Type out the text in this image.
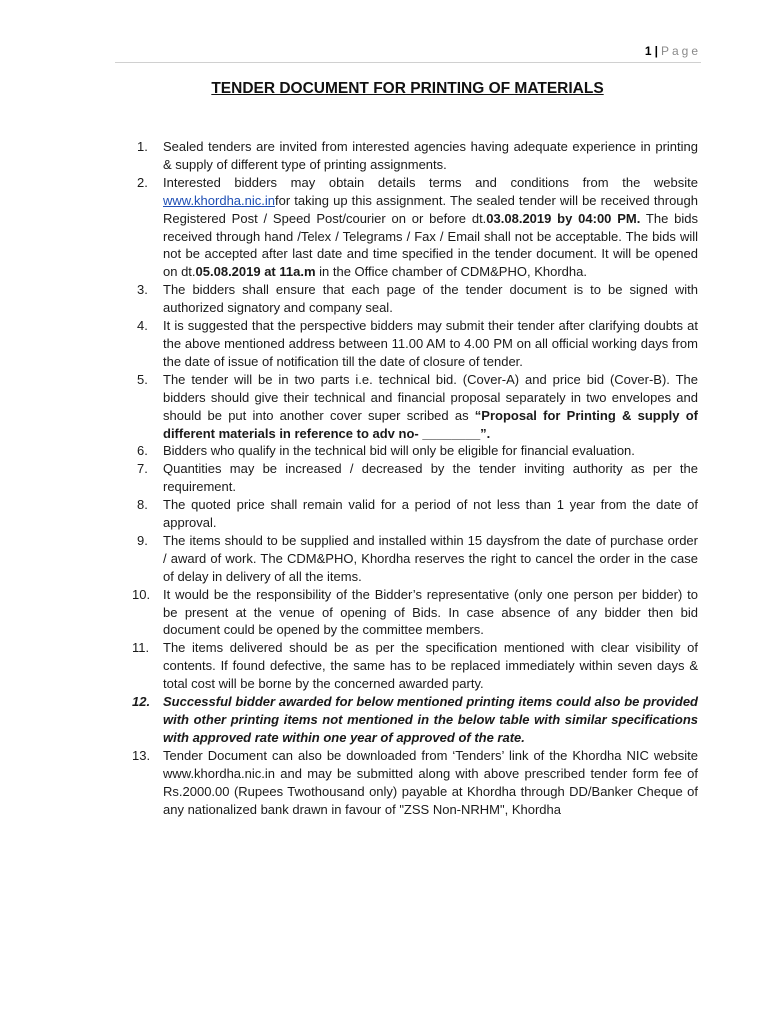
1 | Page
TENDER DOCUMENT FOR PRINTING OF MATERIALS
1. Sealed tenders are invited from interested agencies having adequate experience in printing & supply of different type of printing assignments.
2. Interested bidders may obtain details terms and conditions from the website www.khordha.nic.infor taking up this assignment. The sealed tender will be received through Registered Post / Speed Post/courier on or before dt.03.08.2019 by 04:00 PM. The bids received through hand /Telex / Telegrams / Fax / Email shall not be acceptable. The bids will not be accepted after last date and time specified in the tender document. It will be opened on dt.05.08.2019 at 11a.m in the Office chamber of CDM&PHO, Khordha.
3. The bidders shall ensure that each page of the tender document is to be signed with authorized signatory and company seal.
4. It is suggested that the perspective bidders may submit their tender after clarifying doubts at the above mentioned address between 11.00 AM to 4.00 PM on all official working days from the date of issue of notification till the date of closure of tender.
5. The tender will be in two parts i.e. technical bid. (Cover-A) and price bid (Cover-B). The bidders should give their technical and financial proposal separately in two envelopes and should be put into another cover super scribed as “Proposal for Printing & supply of different materials in reference to adv no- ________”.
6. Bidders who qualify in the technical bid will only be eligible for financial evaluation.
7. Quantities may be increased / decreased by the tender inviting authority as per the requirement.
8. The quoted price shall remain valid for a period of not less than 1 year from the date of approval.
9. The items should to be supplied and installed within 15 daysfrom the date of purchase order / award of work. The CDM&PHO, Khordha reserves the right to cancel the order in the case of delay in delivery of all the items.
10. It would be the responsibility of the Bidder’s representative (only one person per bidder) to be present at the venue of opening of Bids. In case absence of any bidder then bid document could be opened by the committee members.
11. The items delivered should be as per the specification mentioned with clear visibility of contents. If found defective, the same has to be replaced immediately within seven days & total cost will be borne by the concerned awarded party.
12. Successful bidder awarded for below mentioned printing items could also be provided with other printing items not mentioned in the below table with similar specifications with approved rate within one year of approved of the rate.
13. Tender Document can also be downloaded from ‘Tenders’ link of the Khordha NIC website www.khordha.nic.in and may be submitted along with above prescribed tender form fee of Rs.2000.00 (Rupees Twothousand only) payable at Khordha through DD/Banker Cheque of any nationalized bank drawn in favour of "ZSS Non-NRHM", Khordha
